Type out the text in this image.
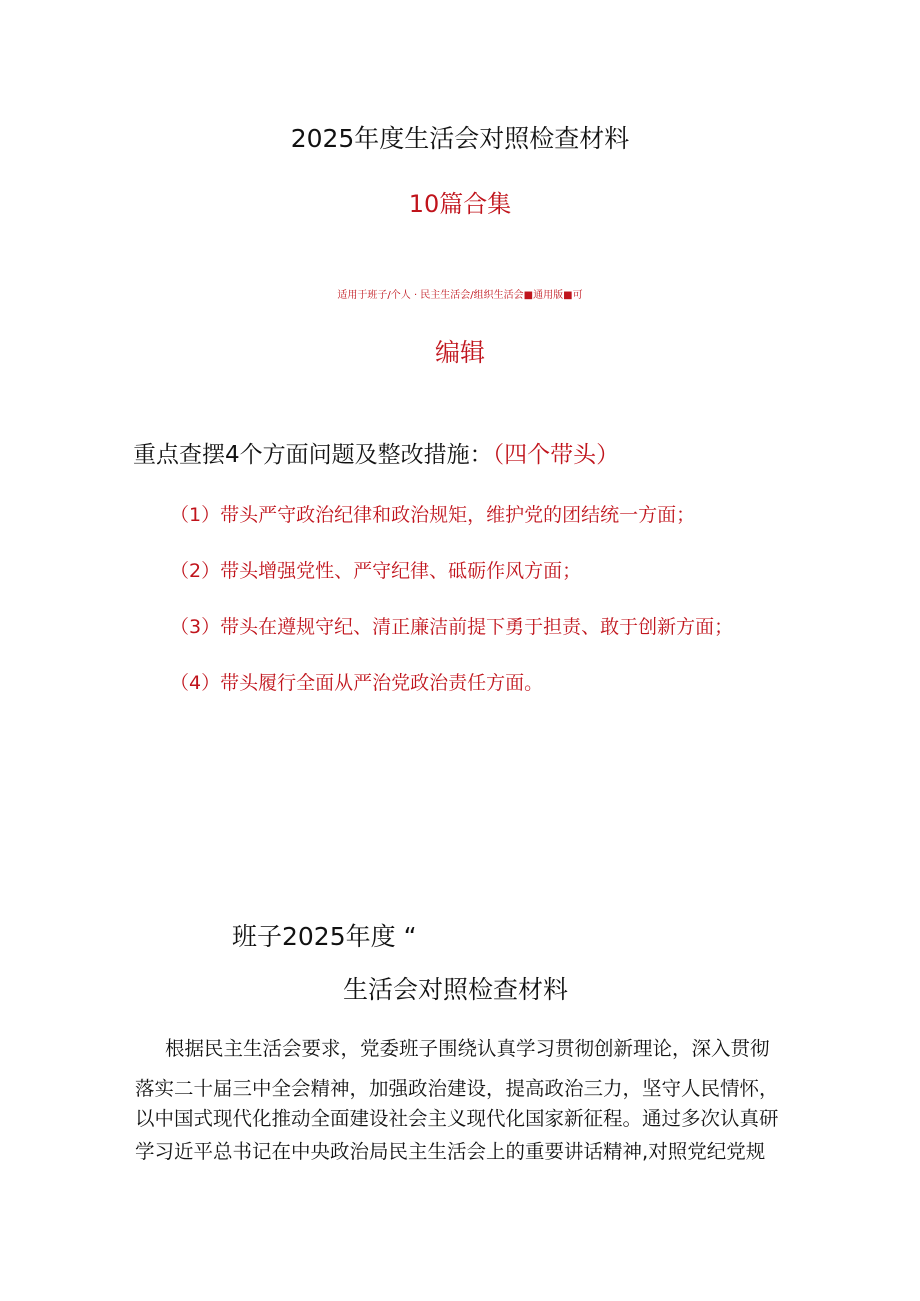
2025年度生活会对照检查材料
10篇合集
适用于班子/个人 · 民主生活会/组织生活会■通用版■可
编辑
重点查摆4个方面问题及整改措施：（四个带头）
（1）带头严守政治纪律和政治规矩，维护党的团结统一方面；
（2）带头增强党性、严守纪律、砥砺作风方面；
（3）带头在遵规守纪、清正廉洁前提下勇于担责、敢于创新方面；
（4）带头履行全面从严治党政治责任方面。
班子2025年度 “
生活会对照检查材料
根据民主生活会要求，党委班子围绕认真学习贯彻创新理论，深入贯彻
落实二十届三中全会精神，加强政治建设，提高政治三力，坚守人民情怀，
以中国式现代化推动全面建设社会主义现代化国家新征程。通过多次认真研
学习近平总书记在中央政治局民主生活会上的重要讲话精神,对照党纪党规
